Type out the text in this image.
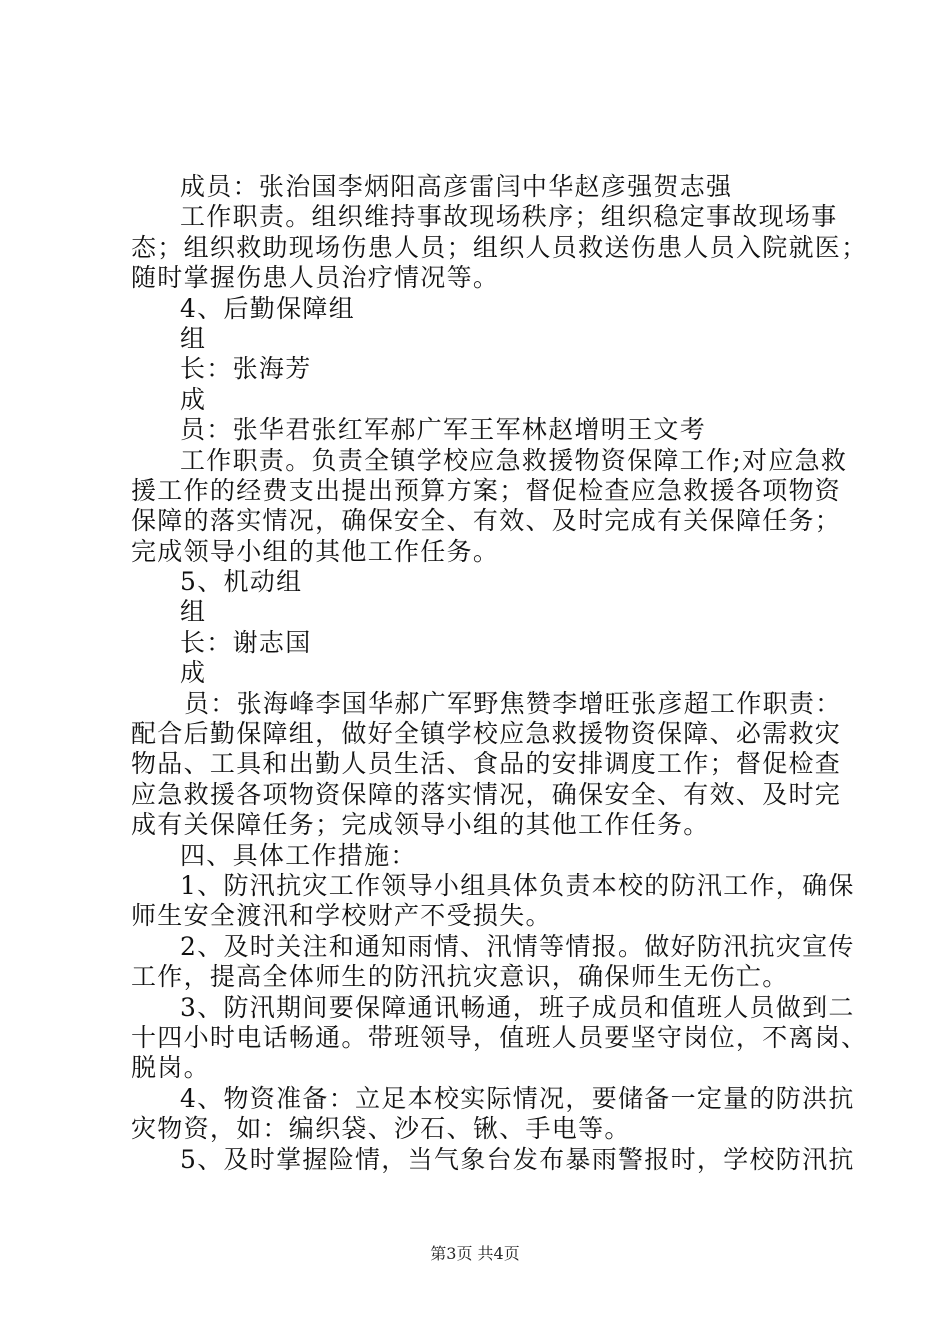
成员：张治国李炳阳高彦雷闫中华赵彦强贺志强
工作职责。组织维持事故现场秩序；组织稳定事故现场事
态；组织救助现场伤患人员；组织人员救送伤患人员入院就医；
随时掌握伤患人员治疗情况等。
4、后勤保障组
组
长：张海芳
成
员：张华君张红军郝广军王军林赵增明王文考
工作职责。负责全镇学校应急救援物资保障工作;对应急救
援工作的经费支出提出预算方案；督促检查应急救援各项物资
保障的落实情况，确保安全、有效、及时完成有关保障任务；
完成领导小组的其他工作任务。
5、机动组
组
长：谢志国
成
员：张海峰李国华郝广军野焦赞李增旺张彦超工作职责：
配合后勤保障组，做好全镇学校应急救援物资保障、必需救灾
物品、工具和出勤人员生活、食品的安排调度工作；督促检查
应急救援各项物资保障的落实情况，确保安全、有效、及时完
成有关保障任务；完成领导小组的其他工作任务。
四、具体工作措施：
1、防汛抗灾工作领导小组具体负责本校的防汛工作，确保
师生安全渡汛和学校财产不受损失。
2、及时关注和通知雨情、汛情等情报。做好防汛抗灾宣传
工作，提高全体师生的防汛抗灾意识，确保师生无伤亡。
3、防汛期间要保障通讯畅通，班子成员和值班人员做到二
十四小时电话畅通。带班领导，值班人员要坚守岗位，不离岗、
脱岗。
4、物资准备：立足本校实际情况，要储备一定量的防洪抗
灾物资，如：编织袋、沙石、锹、手电等。
5、及时掌握险情，当气象台发布暴雨警报时，学校防汛抗
第3页 共4页
